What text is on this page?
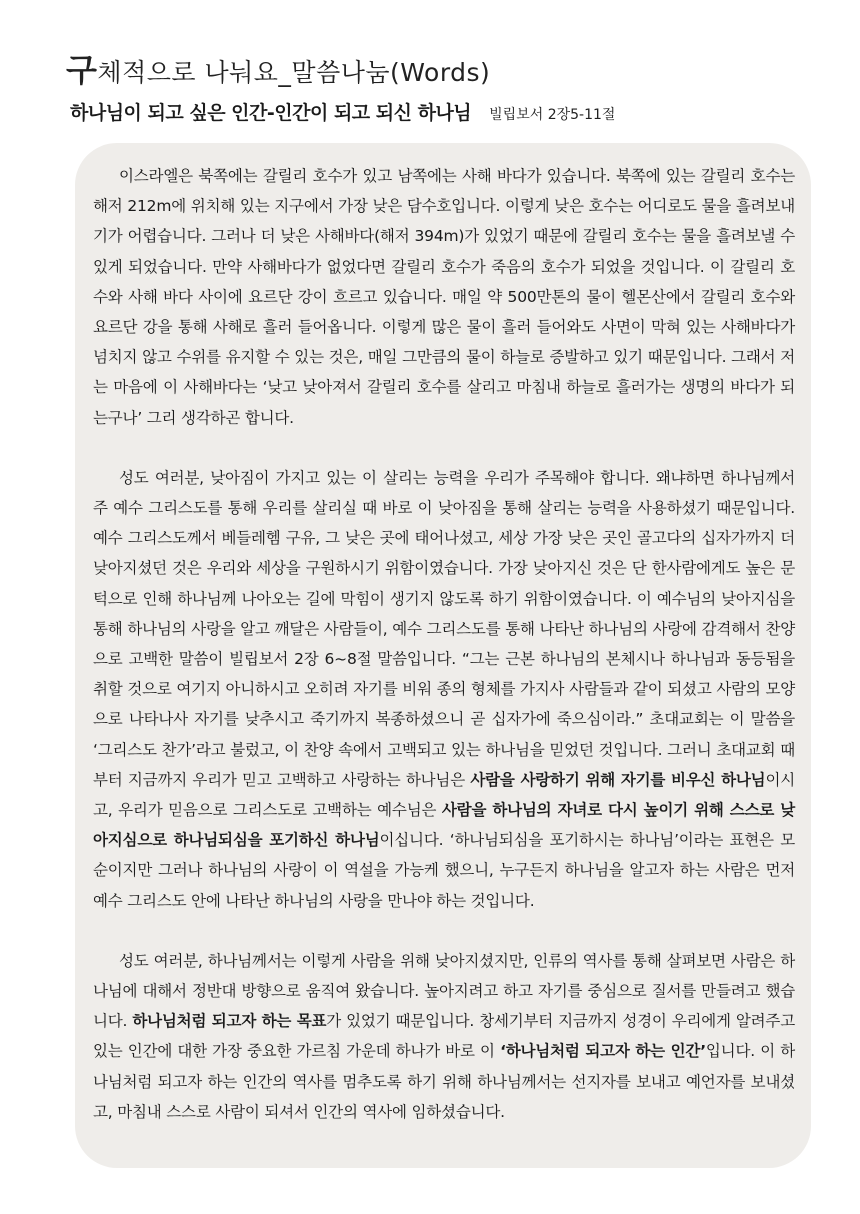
구체적으로 나눠요_말씀나눔(Words)
하나님이 되고 싶은 인간-인간이 되고 되신 하나님 빌립보서 2장5-11절

이스라엘은 북쪽에는 갈릴리 호수가 있고 남쪽에는 사해 바다가 있습니다. 북쪽에 있는 갈릴리 호수는 해저 212m에 위치해 있는 지구에서 가장 낮은 담수호입니다. 이렇게 낮은 호수는 어디로도 물을 흘려보내기가 어렵습니다. 그러나 더 낮은 사해바다(해저 394m)가 있었기 때문에 갈릴리 호수는 물을 흘려보낼 수 있게 되었습니다. 만약 사해바다가 없었다면 갈릴리 호수가 죽음의 호수가 되었을 것입니다. 이 갈릴리 호수와 사해 바다 사이에 요르단 강이 흐르고 있습니다. 매일 약 500만톤의 물이 헬몬산에서 갈릴리 호수와 요르단 강을 통해 사해로 흘러 들어옵니다. 이렇게 많은 물이 흘러 들어와도 사면이 막혀 있는 사해바다가 넘치지 않고 수위를 유지할 수 있는 것은, 매일 그만큼의 물이 하늘로 증발하고 있기 때문입니다. 그래서 저는 마음에 이 사해바다는 ‘낮고 낮아져서 갈릴리 호수를 살리고 마침내 하늘로 흘러가는 생명의 바다가 되는구나’ 그리 생각하곤 합니다.

성도 여러분, 낮아짐이 가지고 있는 이 살리는 능력을 우리가 주목해야 합니다. 왜냐하면 하나님께서 주 예수 그리스도를 통해 우리를 살리실 때 바로 이 낮아짐을 통해 살리는 능력을 사용하셨기 때문입니다. 예수 그리스도께서 베들레헴 구유, 그 낮은 곳에 태어나셨고, 세상 가장 낮은 곳인 골고다의 십자가까지 더 낮아지셨던 것은 우리와 세상을 구원하시기 위함이였습니다. 가장 낮아지신 것은 단 한사람에게도 높은 문턱으로 인해 하나님께 나아오는 길에 막힘이 생기지 않도록 하기 위함이였습니다. 이 예수님의 낮아지심을 통해 하나님의 사랑을 알고 깨달은 사람들이, 예수 그리스도를 통해 나타난 하나님의 사랑에 감격해서 찬양으로 고백한 말씀이 빌립보서 2장 6~8절 말씀입니다. “그는 근본 하나님의 본체시나 하나님과 동등됨을 취할 것으로 여기지 아니하시고 오히려 자기를 비워 종의 형체를 가지사 사람들과 같이 되셨고 사람의 모양으로 나타나사 자기를 낮추시고 죽기까지 복종하셨으니 곧 십자가에 죽으심이라.” 초대교회는 이 말씀을 ‘그리스도 찬가’라고 불렀고, 이 찬양 속에서 고백되고 있는 하나님을 믿었던 것입니다. 그러니 초대교회 때부터 지금까지 우리가 믿고 고백하고 사랑하는 하나님은 사람을 사랑하기 위해 자기를 비우신 하나님이시고, 우리가 믿음으로 그리스도로 고백하는 예수님은 사람을 하나님의 자녀로 다시 높이기 위해 스스로 낮아지심으로 하나님되심을 포기하신 하나님이십니다. ‘하나님되심을 포기하시는 하나님’이라는 표현은 모순이지만 그러나 하나님의 사랑이 이 역설을 가능케 했으니, 누구든지 하나님을 알고자 하는 사람은 먼저 예수 그리스도 안에 나타난 하나님의 사랑을 만나야 하는 것입니다.

성도 여러분, 하나님께서는 이렇게 사람을 위해 낮아지셨지만, 인류의 역사를 통해 살펴보면 사람은 하나님에 대해서 정반대 방향으로 움직여 왔습니다. 높아지려고 하고 자기를 중심으로 질서를 만들려고 했습니다. 하나님처럼 되고자 하는 목표가 있었기 때문입니다. 창세기부터 지금까지 성경이 우리에게 알려주고 있는 인간에 대한 가장 중요한 가르침 가운데 하나가 바로 이 ‘하나님처럼 되고자 하는 인간’입니다. 이 하나님처럼 되고자 하는 인간의 역사를 멈추도록 하기 위해 하나님께서는 선지자를 보내고 예언자를 보내셨고, 마침내 스스로 사람이 되셔서 인간의 역사에 임하셨습니다.
